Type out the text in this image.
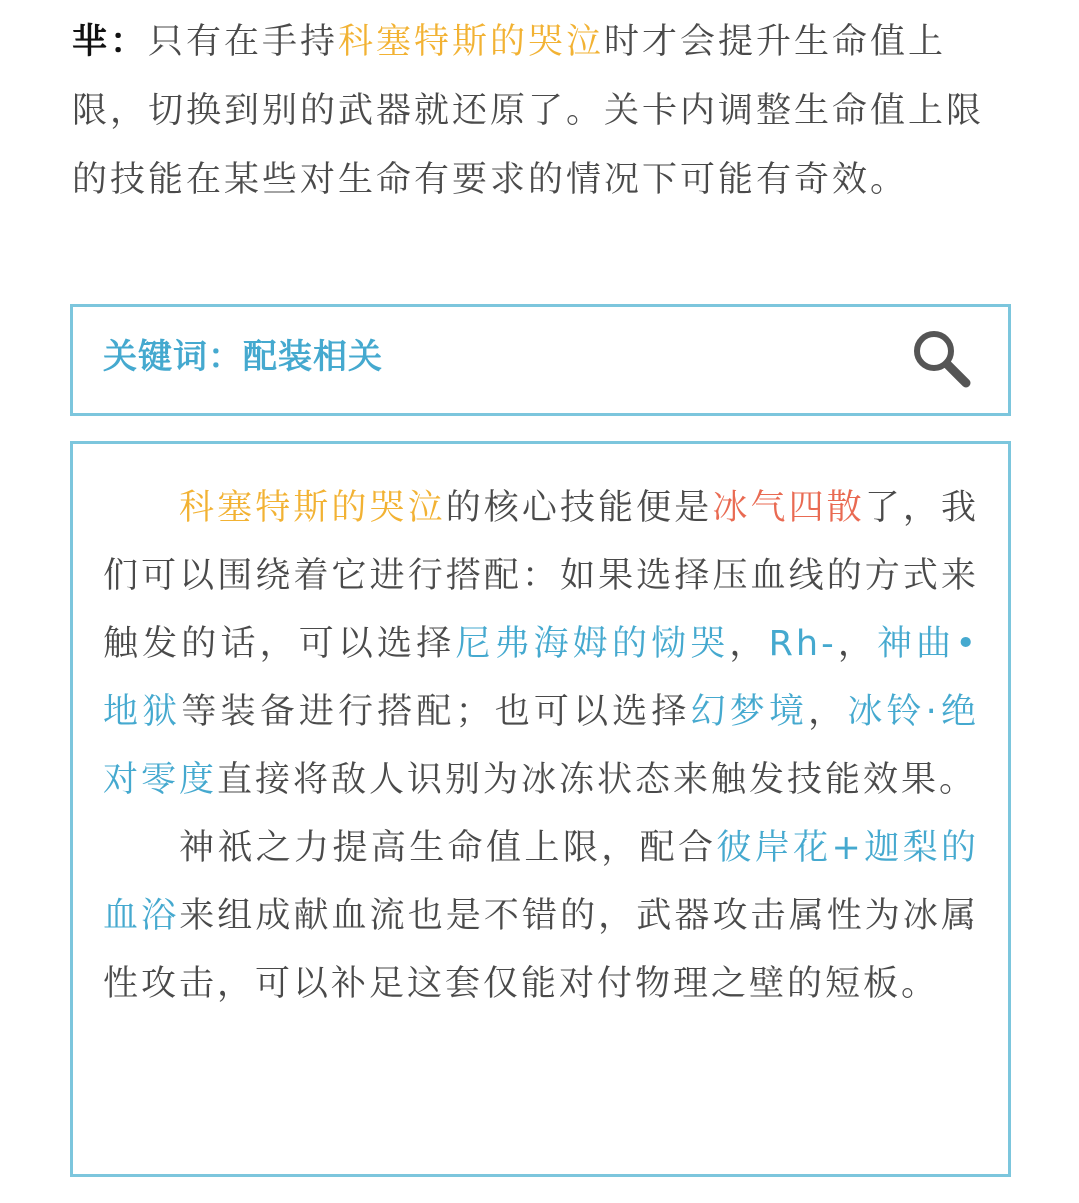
芈：只有在手持科塞特斯的哭泣时才会提升生命值上限，切换到别的武器就还原了。关卡内调整生命值上限的技能在某些对生命有要求的情况下可能有奇效。
关键词：配装相关

科塞特斯的哭泣的核心技能便是冰气四散了，我们可以围绕着它进行搭配：如果选择压血线的方式来触发的话，可以选择尼弗海姆的恸哭，Rh-，神曲•地狱等装备进行搭配；也可以选择幻梦境，冰铃·绝对零度直接将敌人识别为冰冻状态来触发技能效果。

神祇之力提高生命值上限，配合彼岸花+迦梨的血浴来组成献血流也是不错的，武器攻击属性为冰属性攻击，可以补足这套仅能对付物理之壁的短板。
